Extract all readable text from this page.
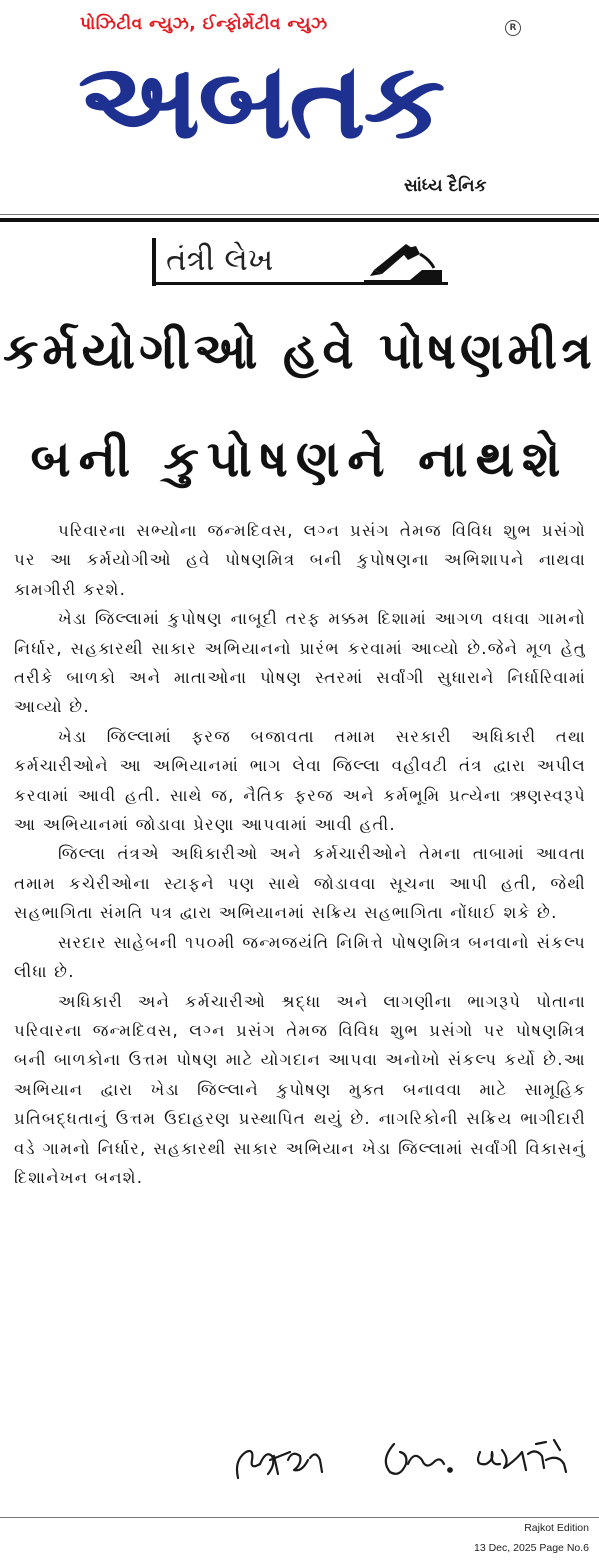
પોઝિટીવ ન્યુઝ, ઈન્ફોર્મેટીવ ન્યુઝ	R
અબતક
સાંધ્ય દૈનિક
તંત્રી લેખ
કર્મયોગીઓ હવે પોષણમીત્ર
બની કુપોષણને નાથશે

પરિવારના સભ્યોના જન્મદિવસ, લગ્ન પ્રસંગ તેમજ વિવિધ શુભ પ્રસંગો પર આ કર્મયોગીઓ હવે પોષણમિત્ર બની કુપોષણના અભિશાપને નાથવા કામગીરી કરશે.

ખેડા જિલ્લામાં કુપોષણ નાબૂદી તરફ મક્કમ દિશામાં આગળ વધવા ગામનો નિર્ધાર, સહકારથી સાકાર અભિયાનનો પ્રારંભ કરવામાં આવ્યો છે.જેને મૂળ હેતુ તરીકે બાળકો અને માતાઓના પોષણ સ્તરમાં સર્વાંગી સુધારાને નિર્ધારિવામાં આવ્યો છે.

ખેડા જિલ્લામાં ફરજ બજાવતા તમામ સરકારી અધિકારી તથા કર્મચારીઓને આ અભિયાનમાં ભાગ લેવા જિલ્લા વહીવટી તંત્ર દ્વારા અપીલ કરવામાં આવી હતી. સાથે જ, નૈતિક ફરજ અને કર્મભૂમિ પ્રત્યેના ઋણસ્વરૂપે આ અભિયાનમાં જોડાવા પ્રેરણા આપવામાં આવી હતી.

જિલ્લા તંત્રએ અધિકારીઓ અને કર્મચારીઓને તેમના તાબામાં આવતા તમામ કચેરીઓના સ્ટાફને પણ સાથે જોડાવવા સૂચના આપી હતી, જેથી સહભાગિતા સંમતિ પત્ર દ્વારા અભિયાનમાં સક્રિય સહભાગિતા નોંધાઈ શકે છે.

સરદાર સાહેબની ૧૫૦મી જન્મજયંતિ નિમિત્તે પોષણમિત્ર બનવાનો સંકલ્પ લીધા છે.

અધિકારી અને કર્મચારીઓ શ્રદ્ધા અને લાગણીના ભાગરૂપે પોતાના પરિવારના જન્મદિવસ, લગ્ન પ્રસંગ તેમજ વિવિધ શુભ પ્રસંગો પર પોષણમિત્ર બની બાળકોના ઉત્તમ પોષણ માટે યોગદાન આપવા અનોખો સંકલ્પ કર્યો છે.આ અભિયાન દ્વારા ખેડા જિલ્લાને કુપોષણ મુક્ત બનાવવા માટે સામૂહિક પ્રતિબદ્ધતાનું ઉત્તમ ઉદાહરણ પ્રસ્થાપિત થયું છે. નાગરિકોની સક્રિય ભાગીદારી વડે ગામનો નિર્ધાર, સહકારથી સાકાર અભિયાન ખેડા જિલ્લામાં સર્વાંગી વિકાસનું દિશાનેખન બનશે.

Rajkot Edition
13 Dec, 2025 Page No.6
